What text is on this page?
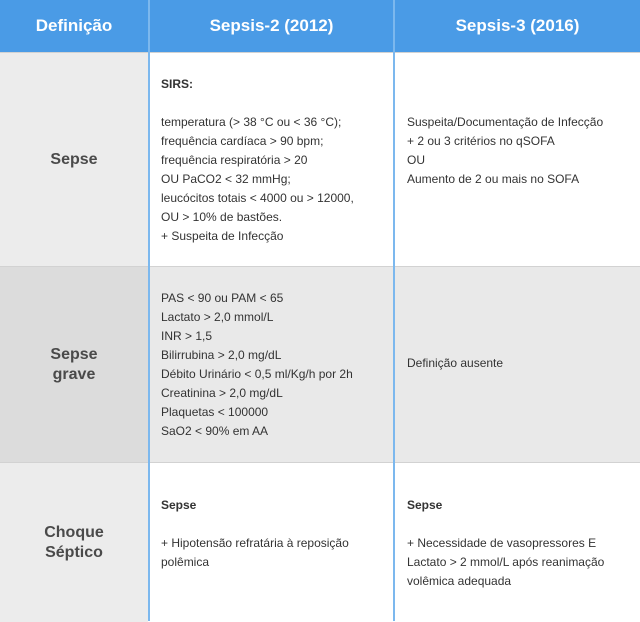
Definição	Sepsis-2 (2012)	Sepsis-3 (2016)
Sepse
SIRS:
temperatura (> 38 °C ou < 36 °C);
frequência cardíaca > 90 bpm;
frequência respiratória > 20
OU PaCO2 < 32 mmHg;
leucócitos totais < 4000 ou > 12000,
OU > 10% de bastões.
+ Suspeita de Infecção
Suspeita/Documentação de Infecção
+ 2 ou 3 critérios no qSOFA
OU
Aumento de 2 ou mais no SOFA
Sepse
grave
PAS < 90 ou PAM < 65
Lactato > 2,0 mmol/L
INR > 1,5
Bilirrubina > 2,0 mg/dL
Débito Urinário < 0,5 ml/Kg/h por 2h
Creatinina > 2,0 mg/dL
Plaquetas < 100000
SaO2 < 90% em AA
Definição ausente
Choque
Séptico
Sepse
+ Hipotensão refratária à reposição
polêmica
Sepse
+ Necessidade de vasopressores E
Lactato > 2 mmol/L após reanimação
volêmica adequada
